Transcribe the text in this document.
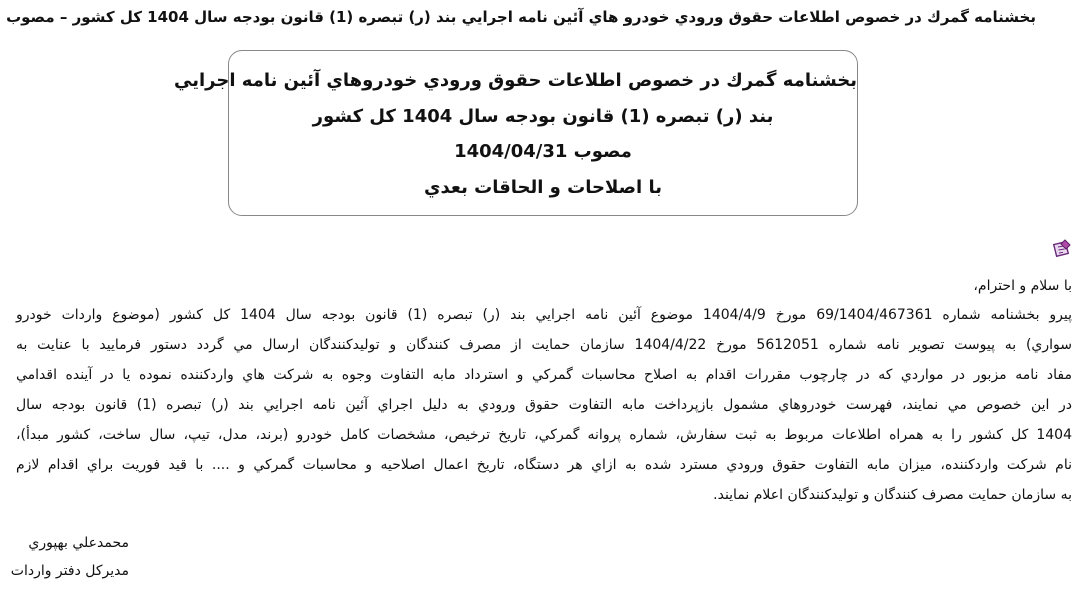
بخشنامه گمرك در خصوص اطلاعات حقوق ورودي خودرو هاي آئين نامه اجرايي بند (ر) تبصره (1) قانون بودجه سال 1404 كل كشور – مصوب
بخشنامه گمرك در خصوص اطلاعات حقوق ورودي خودروهاي آئين نامه اجرايي
بند (ر) تبصره (1) قانون بودجه سال 1404 كل كشور
مصوب 1404/04/31
با اصلاحات و الحاقات بعدي
با سلام و احترام،
پيرو بخشنامه شماره 69/1404/467361 مورخ 1404/4/9 موضوع آئين نامه اجرايي بند (ر) تبصره (1) قانون بودجه سال 1404 كل كشور (موضوع واردات خودرو
سواري) به پيوست تصوير نامه شماره 5612051 مورخ 1404/4/22 سازمان حمايت از مصرف كنندگان و توليدكنندگان ارسال مي گردد دستور فرماييد با عنايت به
مفاد نامه مزبور در مواردي كه در چارچوب مقررات اقدام به اصلاح محاسبات گمركي و استرداد مابه التفاوت وجوه به شركت هاي واردكننده نموده يا در آينده اقدامي
در اين خصوص مي نمايند، فهرست خودروهاي مشمول بازپرداخت مابه التفاوت حقوق ورودي به دليل اجراي آئين نامه اجرايي بند (ر) تبصره (1) قانون بودجه سال
1404 كل كشور را به همراه اطلاعات مربوط به ثبت سفارش، شماره پروانه گمركي، تاريخ ترخيص، مشخصات كامل خودرو (برند، مدل، تيپ، سال ساخت، كشور مبدأ)،
نام شركت واردكننده، ميزان مابه التفاوت حقوق ورودي مسترد شده به ازاي هر دستگاه، تاريخ اعمال اصلاحيه و محاسبات گمركي و .... با قيد فوريت براي اقدام لازم
به سازمان حمايت مصرف كنندگان و توليدكنندگان اعلام نمايند.
محمدعلي بهپوري
مديركل دفتر واردات
